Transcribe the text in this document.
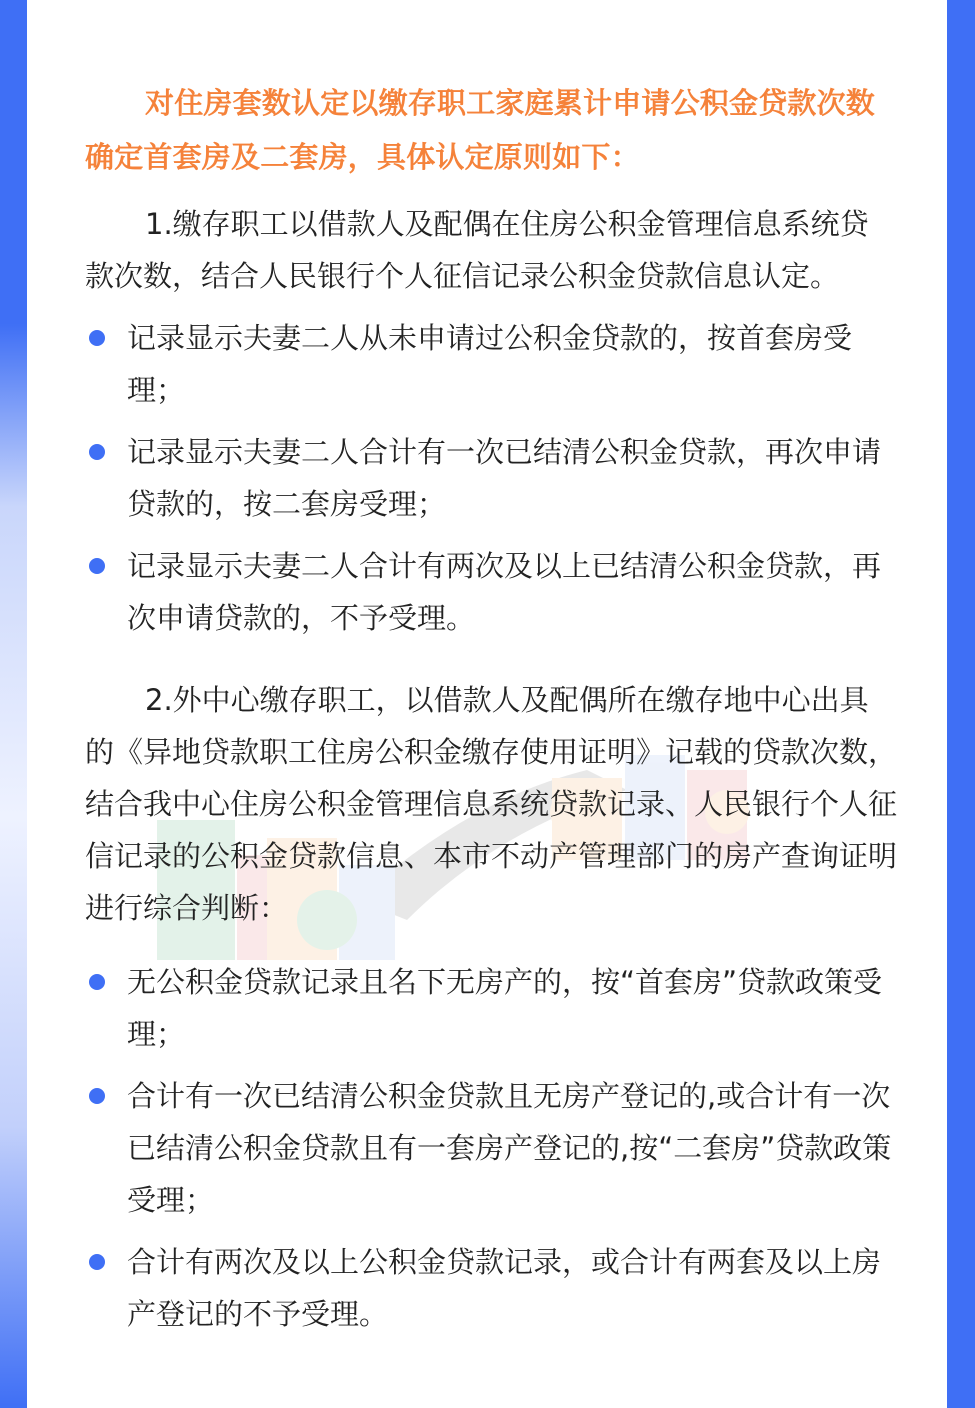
对住房套数认定以缴存职工家庭累计申请公积金贷款次数确定首套房及二套房，具体认定原则如下：

1.缴存职工以借款人及配偶在住房公积金管理信息系统贷款次数，结合人民银行个人征信记录公积金贷款信息认定。

记录显示夫妻二人从未申请过公积金贷款的，按首套房受理；
记录显示夫妻二人合计有一次已结清公积金贷款，再次申请贷款的，按二套房受理；
记录显示夫妻二人合计有两次及以上已结清公积金贷款，再次申请贷款的，不予受理。

2.外中心缴存职工，以借款人及配偶所在缴存地中心出具的《异地贷款职工住房公积金缴存使用证明》记载的贷款次数，结合我中心住房公积金管理信息系统贷款记录、人民银行个人征信记录的公积金贷款信息、本市不动产管理部门的房产查询证明进行综合判断：

无公积金贷款记录且名下无房产的，按“首套房”贷款政策受理；
合计有一次已结清公积金贷款且无房产登记的,或合计有一次已结清公积金贷款且有一套房产登记的,按“二套房”贷款政策受理；
合计有两次及以上公积金贷款记录，或合计有两套及以上房产登记的不予受理。
